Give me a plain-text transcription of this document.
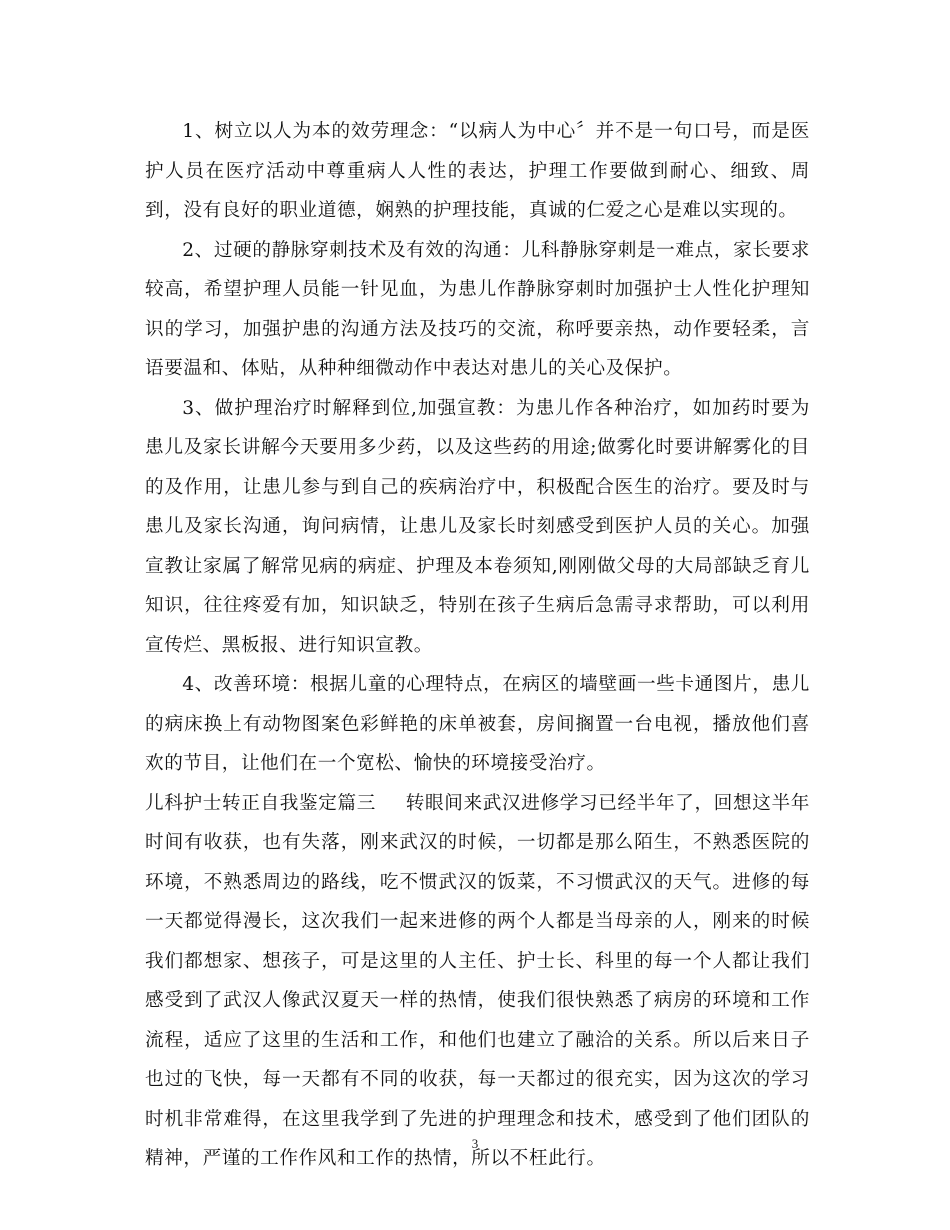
1、树立以人为本的效劳理念：“以病人为中心〞并不是一句口号，而是医护人员在医疗活动中尊重病人人性的表达，护理工作要做到耐心、细致、周到，没有良好的职业道德，娴熟的护理技能，真诚的仁爱之心是难以实现的。

2、过硬的静脉穿刺技术及有效的沟通：儿科静脉穿刺是一难点，家长要求较高，希望护理人员能一针见血，为患儿作静脉穿刺时加强护士人性化护理知识的学习，加强护患的沟通方法及技巧的交流，称呼要亲热，动作要轻柔，言语要温和、体贴，从种种细微动作中表达对患儿的关心及保护。

3、做护理治疗时解释到位,加强宣教：为患儿作各种治疗，如加药时要为患儿及家长讲解今天要用多少药，以及这些药的用途;做雾化时要讲解雾化的目的及作用，让患儿参与到自己的疾病治疗中，积极配合医生的治疗。要及时与患儿及家长沟通，询问病情，让患儿及家长时刻感受到医护人员的关心。加强宣教让家属了解常见病的病症、护理及本卷须知,刚刚做父母的大局部缺乏育儿知识，往往疼爱有加，知识缺乏，特别在孩子生病后急需寻求帮助，可以利用宣传烂、黑板报、进行知识宣教。

4、改善环境：根据儿童的心理特点，在病区的墙壁画一些卡通图片，患儿的病床换上有动物图案色彩鲜艳的床单被套，房间搁置一台电视，播放他们喜欢的节目，让他们在一个宽松、愉快的环境接受治疗。

儿科护士转正自我鉴定篇三 转眼间来武汉进修学习已经半年了，回想这半年时间有收获，也有失落，刚来武汉的时候，一切都是那么陌生，不熟悉医院的环境，不熟悉周边的路线，吃不惯武汉的饭菜，不习惯武汉的天气。进修的每一天都觉得漫长，这次我们一起来进修的两个人都是当母亲的人，刚来的时候我们都想家、想孩子，可是这里的人主任、护士长、科里的每一个人都让我们感受到了武汉人像武汉夏天一样的热情，使我们很快熟悉了病房的环境和工作流程，适应了这里的生活和工作，和他们也建立了融洽的关系。所以后来日子也过的飞快，每一天都有不同的收获，每一天都过的很充实，因为这次的学习时机非常难得，在这里我学到了先进的护理理念和技术，感受到了他们团队的精神，严谨的工作作风和工作的热情，所以不枉此行。

3
